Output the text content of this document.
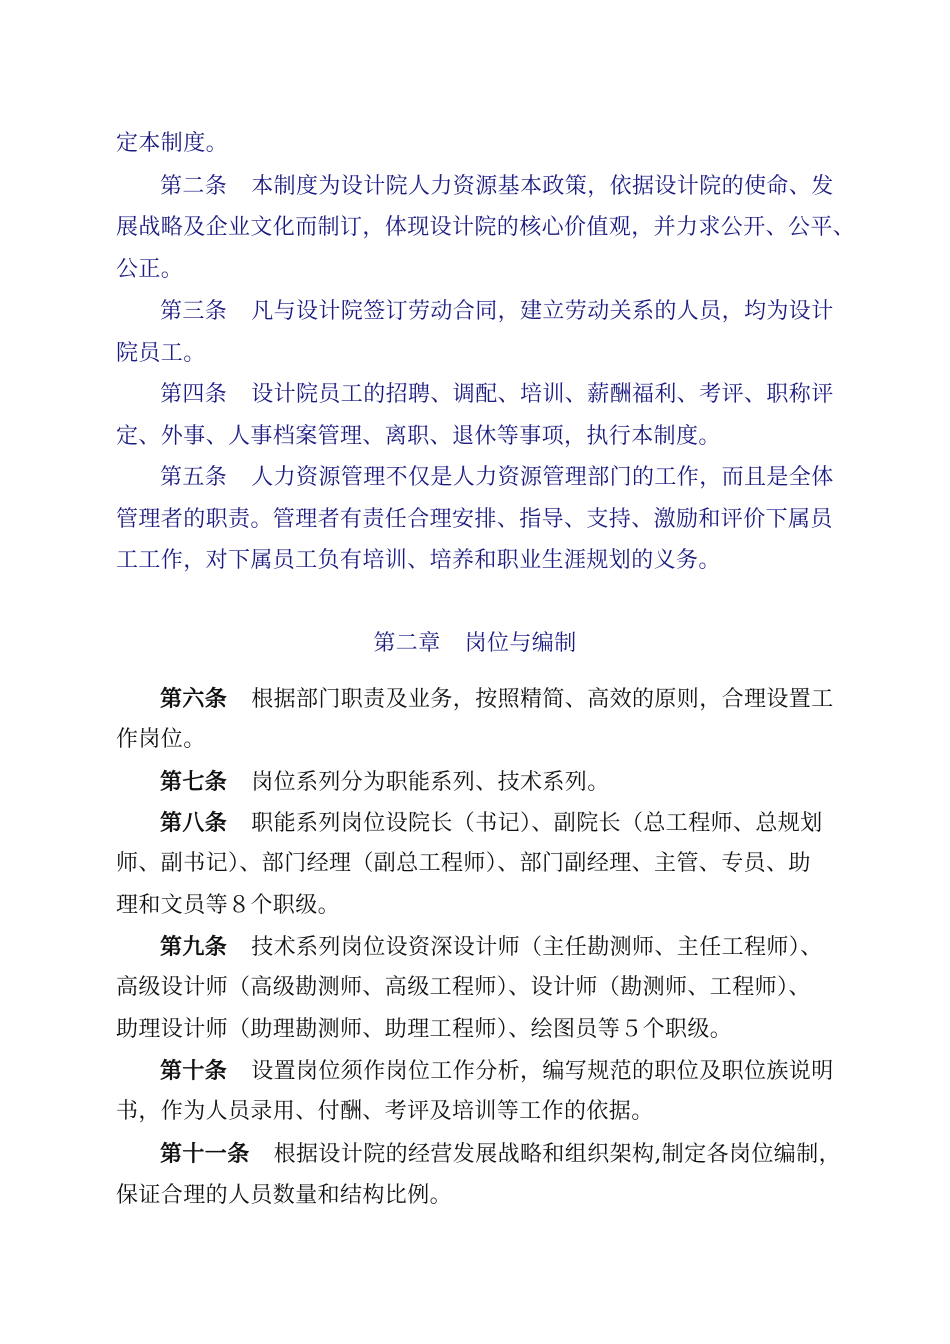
定本制度。
第二条 本制度为设计院人力资源基本政策，依据设计院的使命、发
展战略及企业文化而制订，体现设计院的核心价值观，并力求公开、公平、
公正。
第三条 凡与设计院签订劳动合同，建立劳动关系的人员，均为设计
院员工。
第四条 设计院员工的招聘、调配、培训、薪酬福利、考评、职称评
定、外事、人事档案管理、离职、退休等事项，执行本制度。
第五条 人力资源管理不仅是人力资源管理部门的工作，而且是全体
管理者的职责。管理者有责任合理安排、指导、支持、激励和评价下属员
工工作，对下属员工负有培训、培养和职业生涯规划的义务。
第二章 岗位与编制
第六条 根据部门职责及业务，按照精简、高效的原则，合理设置工
作岗位。
第七条 岗位系列分为职能系列、技术系列。
第八条 职能系列岗位设院长（书记）、副院长（总工程师、总规划
师、副书记）、部门经理（副总工程师）、部门副经理、主管、专员、助
理和文员等８个职级。
第九条 技术系列岗位设资深设计师（主任勘测师、主任工程师）、
高级设计师（高级勘测师、高级工程师）、设计师（勘测师、工程师）、
助理设计师（助理勘测师、助理工程师）、绘图员等５个职级。
第十条 设置岗位须作岗位工作分析，编写规范的职位及职位族说明
书，作为人员录用、付酬、考评及培训等工作的依据。
第十一条 根据设计院的经营发展战略和组织架构,制定各岗位编制，
保证合理的人员数量和结构比例。
